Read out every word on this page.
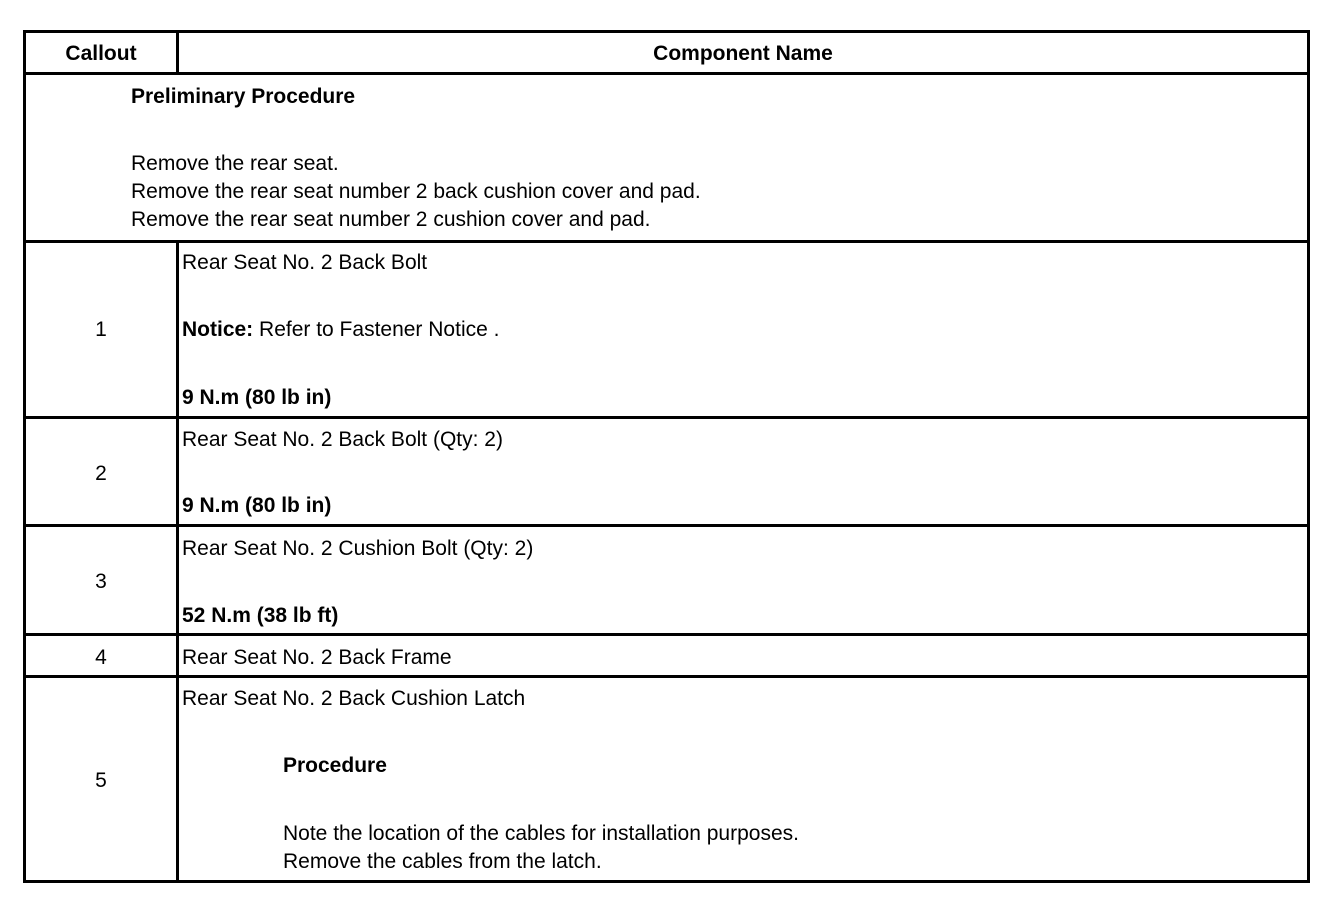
Callout	Component Name
Preliminary Procedure
Remove the rear seat.
Remove the rear seat number 2 back cushion cover and pad.
Remove the rear seat number 2 cushion cover and pad.
1
Rear Seat No. 2 Back Bolt
Notice: Refer to Fastener Notice .
9 N.m (80 lb in)
2
Rear Seat No. 2 Back Bolt (Qty: 2)
9 N.m (80 lb in)
3
Rear Seat No. 2 Cushion Bolt (Qty: 2)
52 N.m (38 lb ft)
4	Rear Seat No. 2 Back Frame
5
Rear Seat No. 2 Back Cushion Latch
Procedure
Note the location of the cables for installation purposes.
Remove the cables from the latch.
